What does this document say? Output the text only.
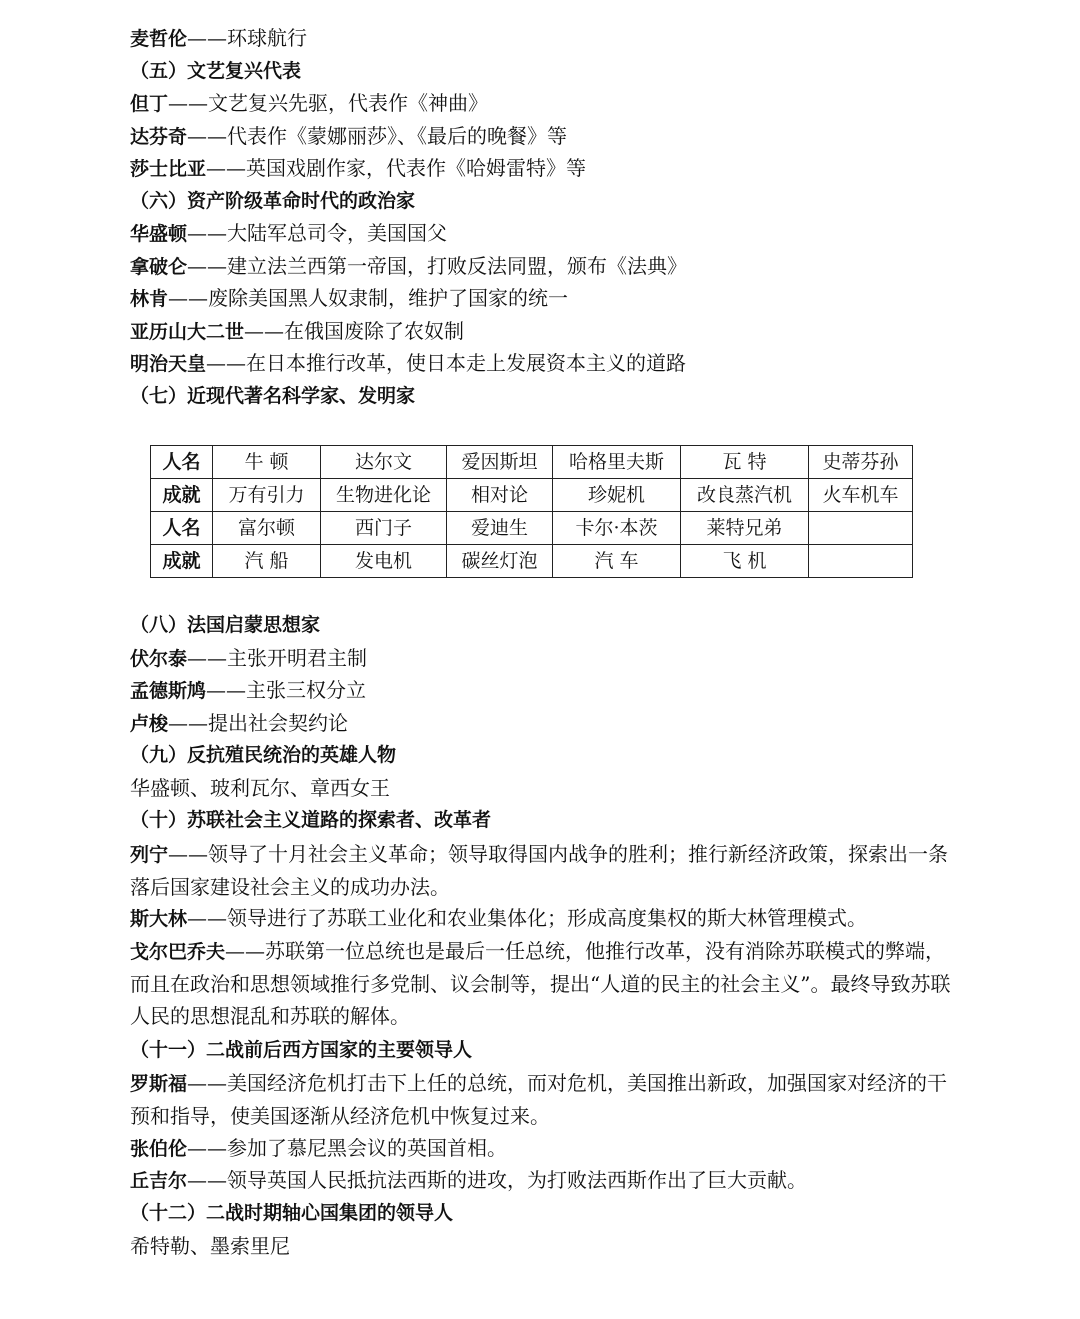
麦哲伦——环球航行

（五）文艺复兴代表

但丁——文艺复兴先驱，代表作《神曲》

达芬奇——代表作《蒙娜丽莎》、《最后的晚餐》等

莎士比亚——英国戏剧作家，代表作《哈姆雷特》等

（六）资产阶级革命时代的政治家

华盛顿——大陆军总司令，美国国父

拿破仑——建立法兰西第一帝国，打败反法同盟，颁布《法典》

林肯——废除美国黑人奴隶制，维护了国家的统一

亚历山大二世——在俄国废除了农奴制

明治天皇——在日本推行改革，使日本走上发展资本主义的道路

（七）近现代著名科学家、发明家

人名	牛 顿	达尔文	爱因斯坦	哈格里夫斯	瓦 特	史蒂芬孙
成就	万有引力	生物进化论	相对论	珍妮机	改良蒸汽机	火车机车
人名	富尔顿	西门子	爱迪生	卡尔·本茨	莱特兄弟	
成就	汽 船	发电机	碳丝灯泡	汽 车	飞 机	

（八）法国启蒙思想家

伏尔泰——主张开明君主制

孟德斯鸠——主张三权分立

卢梭——提出社会契约论

（九）反抗殖民统治的英雄人物

华盛顿、玻利瓦尔、章西女王

（十）苏联社会主义道路的探索者、改革者

列宁——领导了十月社会主义革命；领导取得国内战争的胜利；推行新经济政策，探索出一条落后国家建设社会主义的成功办法。

斯大林——领导进行了苏联工业化和农业集体化；形成高度集权的斯大林管理模式。

戈尔巴乔夫——苏联第一位总统也是最后一任总统，他推行改革，没有消除苏联模式的弊端，而且在政治和思想领域推行多党制、议会制等，提出“人道的民主的社会主义”。最终导致苏联人民的思想混乱和苏联的解体。

（十一）二战前后西方国家的主要领导人

罗斯福——美国经济危机打击下上任的总统，而对危机，美国推出新政，加强国家对经济的干预和指导，使美国逐渐从经济危机中恢复过来。

张伯伦——参加了慕尼黑会议的英国首相。

丘吉尔——领导英国人民抵抗法西斯的进攻，为打败法西斯作出了巨大贡献。

（十二）二战时期轴心国集团的领导人

希特勒、墨索里尼
